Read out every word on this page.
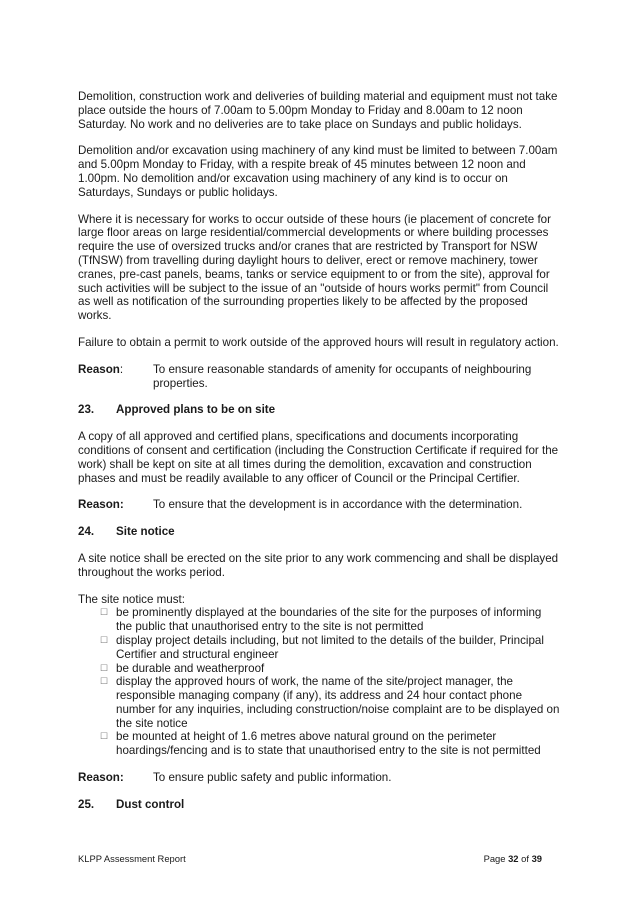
Demolition, construction work and deliveries of building material and equipment must not take place outside the hours of 7.00am to 5.00pm Monday to Friday and 8.00am to 12 noon Saturday. No work and no deliveries are to take place on Sundays and public holidays.

Demolition and/or excavation using machinery of any kind must be limited to between 7.00am and 5.00pm Monday to Friday, with a respite break of 45 minutes between 12 noon and 1.00pm. No demolition and/or excavation using machinery of any kind is to occur on Saturdays, Sundays or public holidays.

Where it is necessary for works to occur outside of these hours (ie placement of concrete for large floor areas on large residential/commercial developments or where building processes require the use of oversized trucks and/or cranes that are restricted by Transport for NSW (TfNSW) from travelling during daylight hours to deliver, erect or remove machinery, tower cranes, pre-cast panels, beams, tanks or service equipment to or from the site), approval for such activities will be subject to the issue of an "outside of hours works permit" from Council as well as notification of the surrounding properties likely to be affected by the proposed works.

Failure to obtain a permit to work outside of the approved hours will result in regulatory action.

Reason:	To ensure reasonable standards of amenity for occupants of neighbouring properties.
23.	Approved plans to be on site

A copy of all approved and certified plans, specifications and documents incorporating conditions of consent and certification (including the Construction Certificate if required for the work) shall be kept on site at all times during the demolition, excavation and construction phases and must be readily available to any officer of Council or the Principal Certifier.

Reason:	To ensure that the development is in accordance with the determination.
24.	Site notice

A site notice shall be erected on the site prior to any work commencing and shall be displayed throughout the works period.

The site notice must:

☐ be prominently displayed at the boundaries of the site for the purposes of informing the public that unauthorised entry to the site is not permitted
☐ display project details including, but not limited to the details of the builder, Principal Certifier and structural engineer
☐ be durable and weatherproof
☐ display the approved hours of work, the name of the site/project manager, the responsible managing company (if any), its address and 24 hour contact phone number for any inquiries, including construction/noise complaint are to be displayed on the site notice
☐ be mounted at height of 1.6 metres above natural ground on the perimeter hoardings/fencing and is to state that unauthorised entry to the site is not permitted
Reason:	To ensure public safety and public information.
25.	Dust control
KLPP Assessment Report	Page 32 of 39
